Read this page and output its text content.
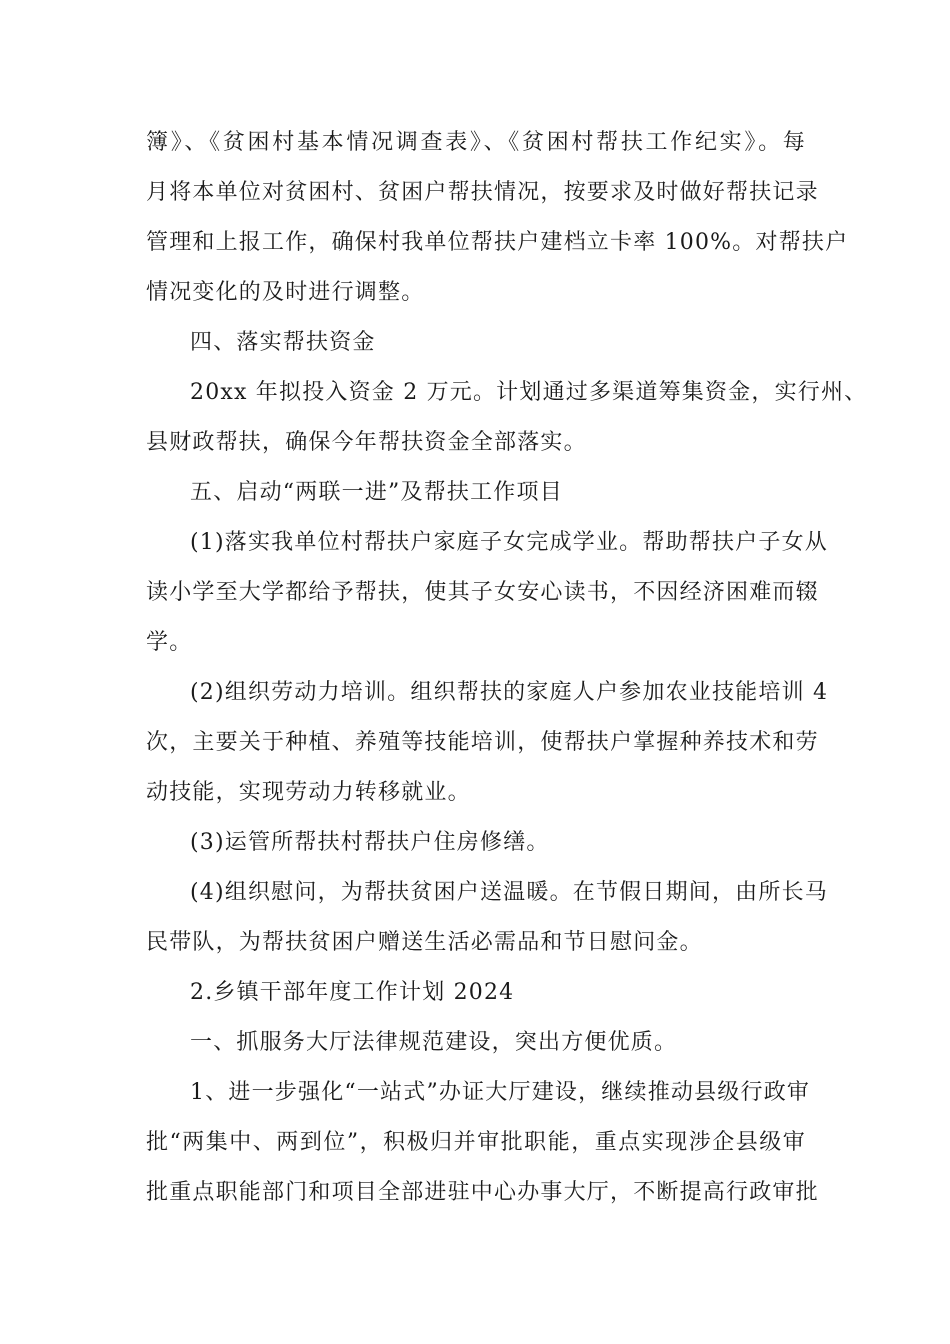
簿》、《贫困村基本情况调查表》、《贫困村帮扶工作纪实》。每
月将本单位对贫困村、贫困户帮扶情况，按要求及时做好帮扶记录
管理和上报工作，确保村我单位帮扶户建档立卡率 100%。对帮扶户
情况变化的及时进行调整。
四、落实帮扶资金
20xx 年拟投入资金 2 万元。计划通过多渠道筹集资金，实行州、
县财政帮扶，确保今年帮扶资金全部落实。
五、启动“两联一进”及帮扶工作项目
(1)落实我单位村帮扶户家庭子女完成学业。帮助帮扶户子女从
读小学至大学都给予帮扶，使其子女安心读书，不因经济困难而辍
学。
(2)组织劳动力培训。组织帮扶的家庭人户参加农业技能培训 4
次，主要关于种植、养殖等技能培训，使帮扶户掌握种养技术和劳
动技能，实现劳动力转移就业。
(3)运管所帮扶村帮扶户住房修缮。
(4)组织慰问，为帮扶贫困户送温暖。在节假日期间，由所长马
民带队，为帮扶贫困户赠送生活必需品和节日慰问金。
2.乡镇干部年度工作计划 2024
一、抓服务大厅法律规范建设，突出方便优质。
1、进一步强化“一站式”办证大厅建设，继续推动县级行政审
批“两集中、两到位”，积极归并审批职能，重点实现涉企县级审
批重点职能部门和项目全部进驻中心办事大厅，不断提高行政审批
